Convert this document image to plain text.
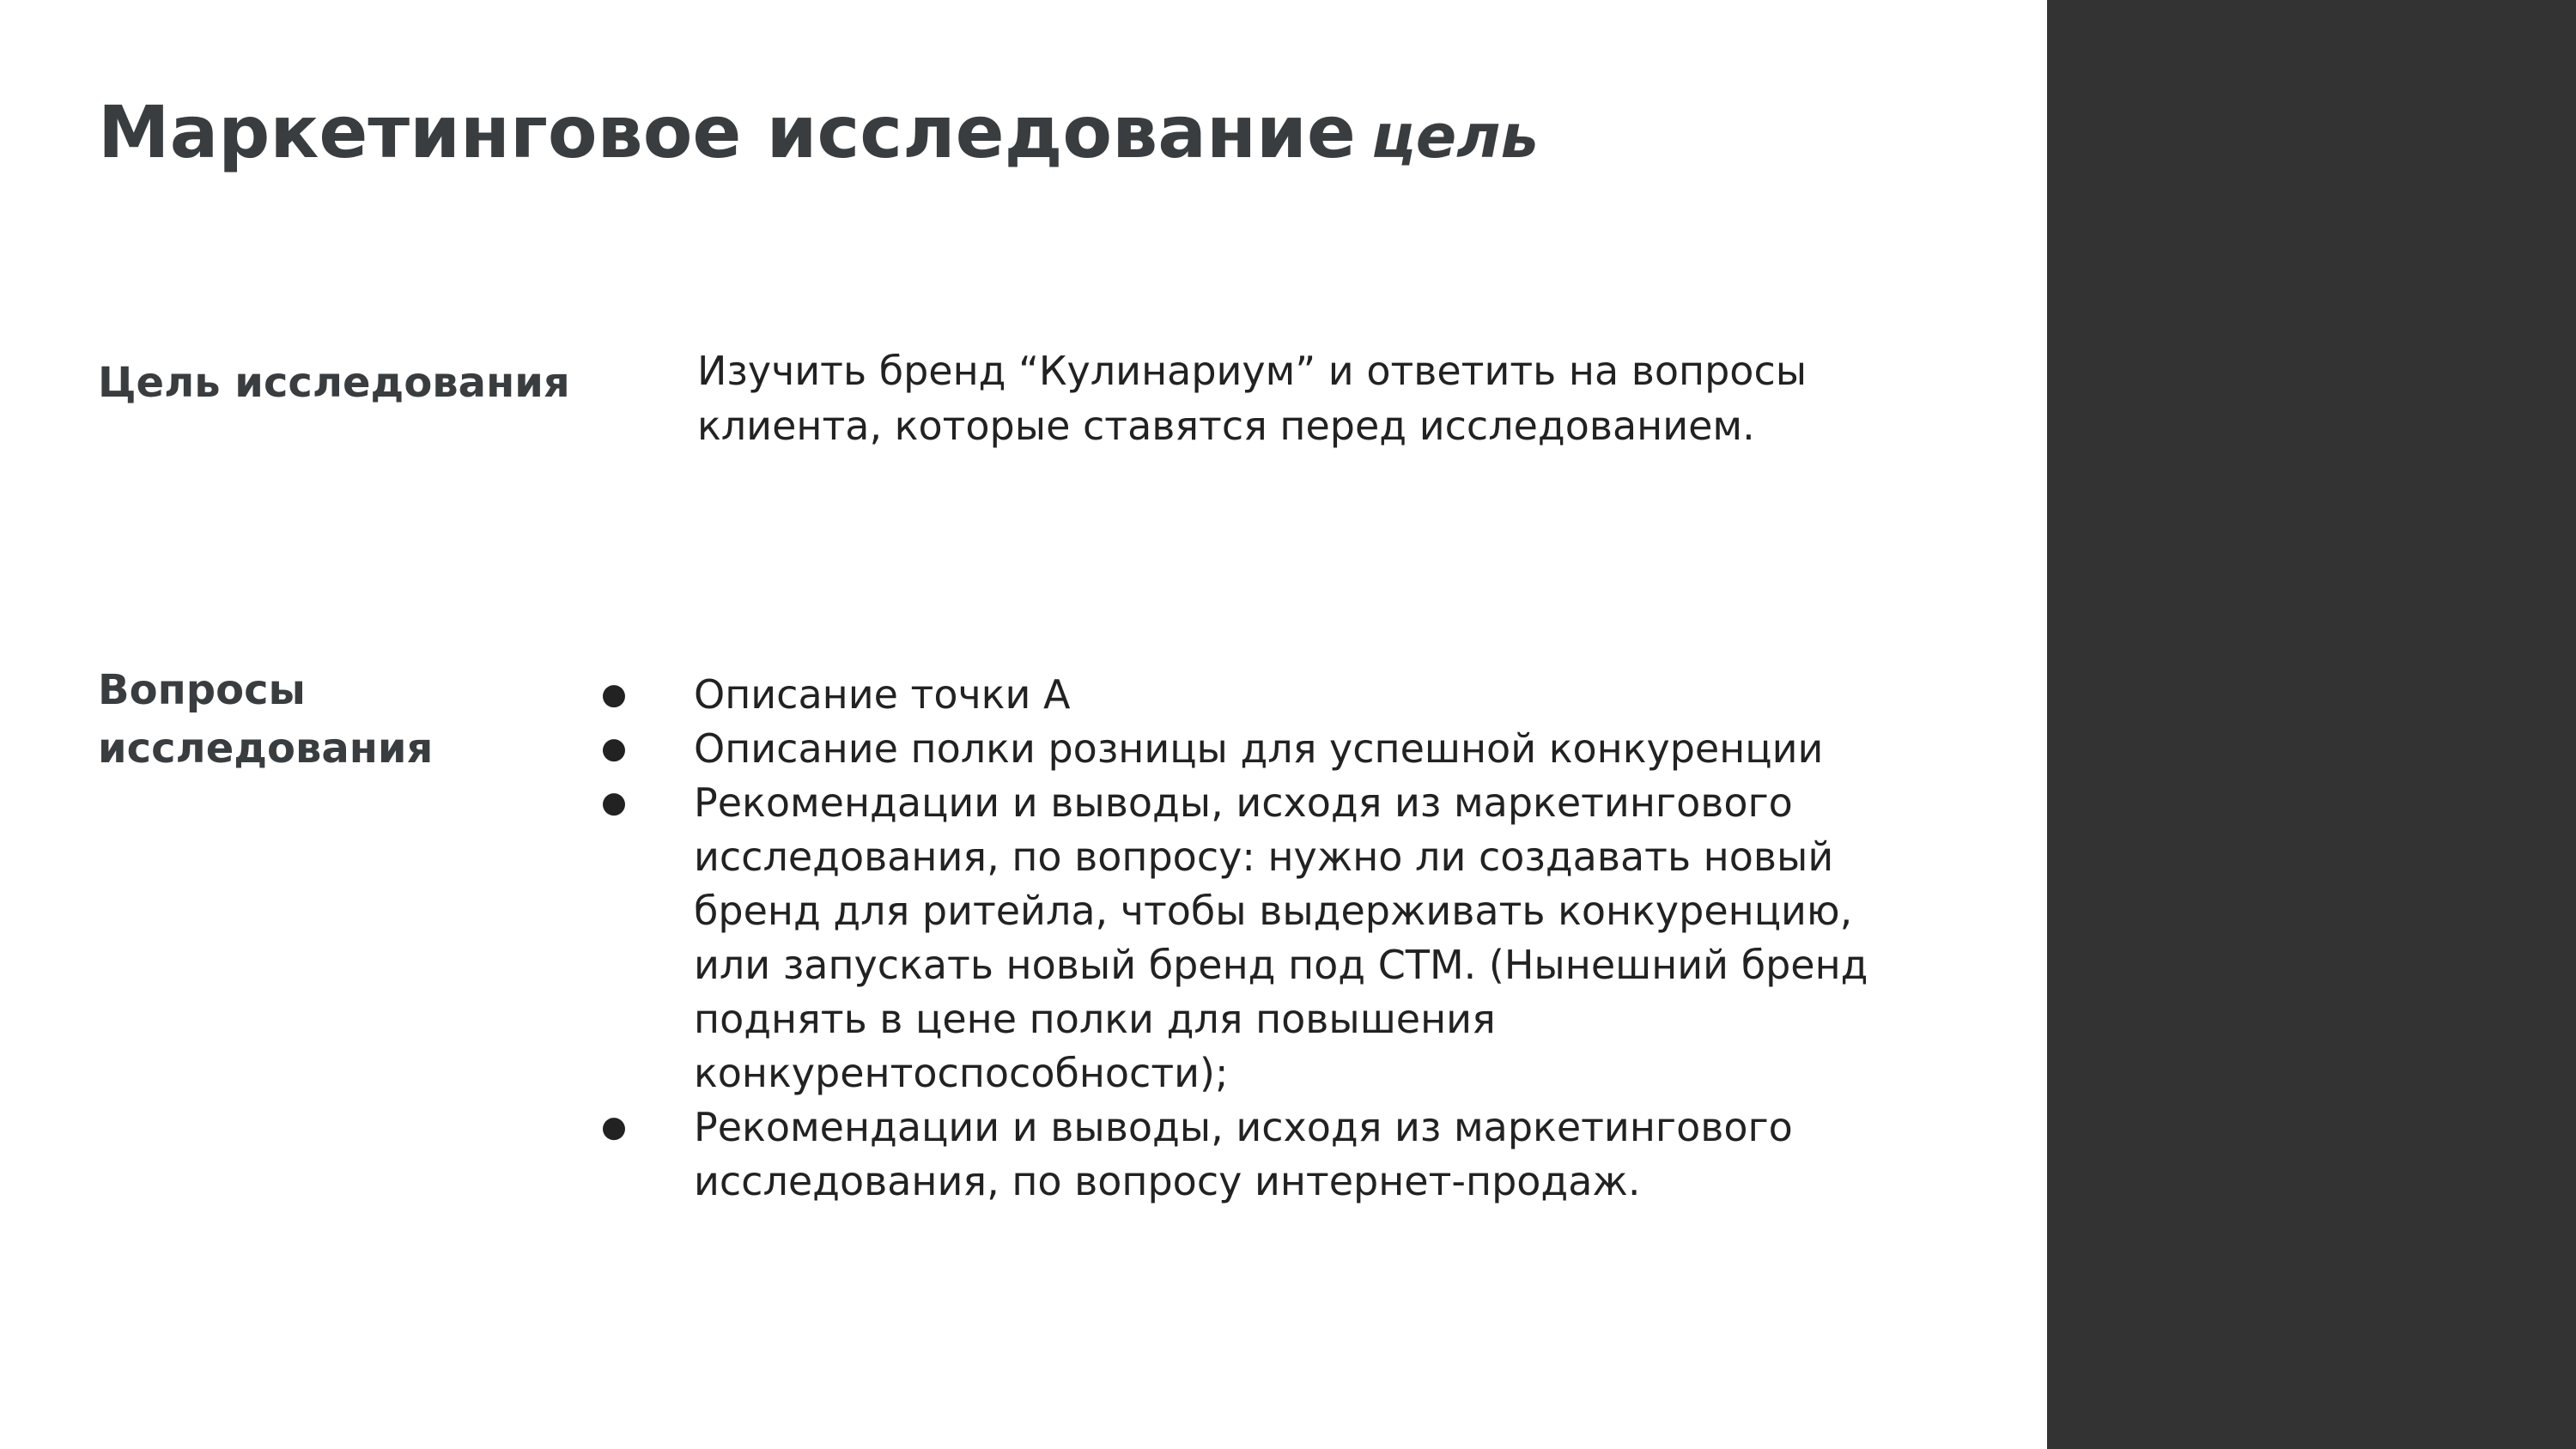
Маркетинговое исследование цель

Цель исследования	Изучить бренд “Кулинариум” и ответить на вопросы клиента, которые ставятся перед исследованием.

Вопросы исследования

● Описание точки А
● Описание полки розницы для успешной конкуренции
● Рекомендации и выводы, исходя из маркетингового исследования, по вопросу: нужно ли создавать новый бренд для ритейла, чтобы выдерживать конкуренцию, или запускать новый бренд под СТМ. (Нынешний бренд поднять в цене полки для повышения конкурентоспособности);
● Рекомендации и выводы, исходя из маркетингового исследования, по вопросу интернет-продаж.
